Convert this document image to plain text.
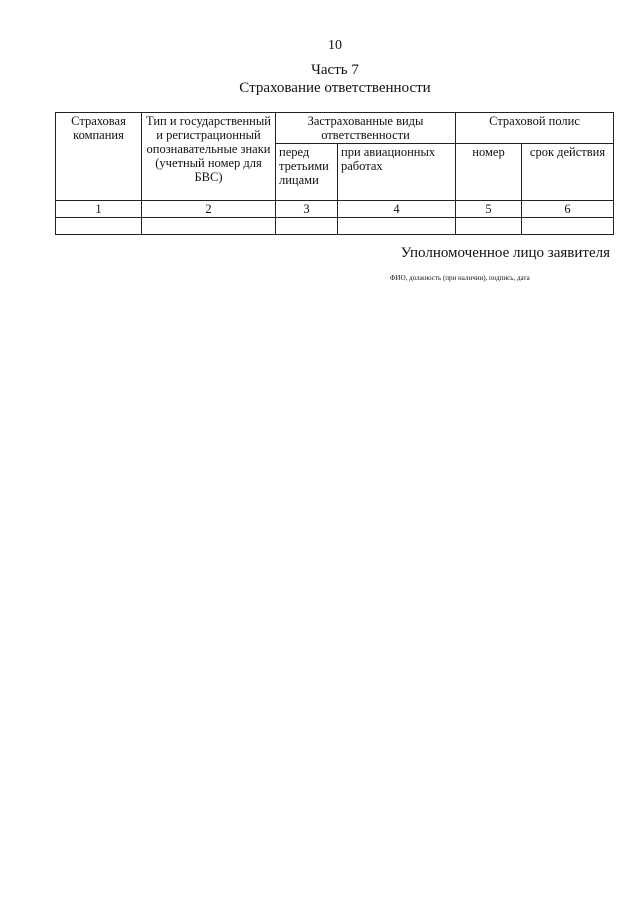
10
Часть 7
Страхование ответственности
Страховая компания	Тип и государственный и регистрационный опознавательные знаки (учетный номер для БВС)	Застрахованные виды ответственности		Страховой полис	
		перед третьими лицами	при авиационных работах	номер	срок действия
1	2	3	4	5	6

Уполномоченное лицо заявителя
ФИО, должность (при наличии), подпись, дата
